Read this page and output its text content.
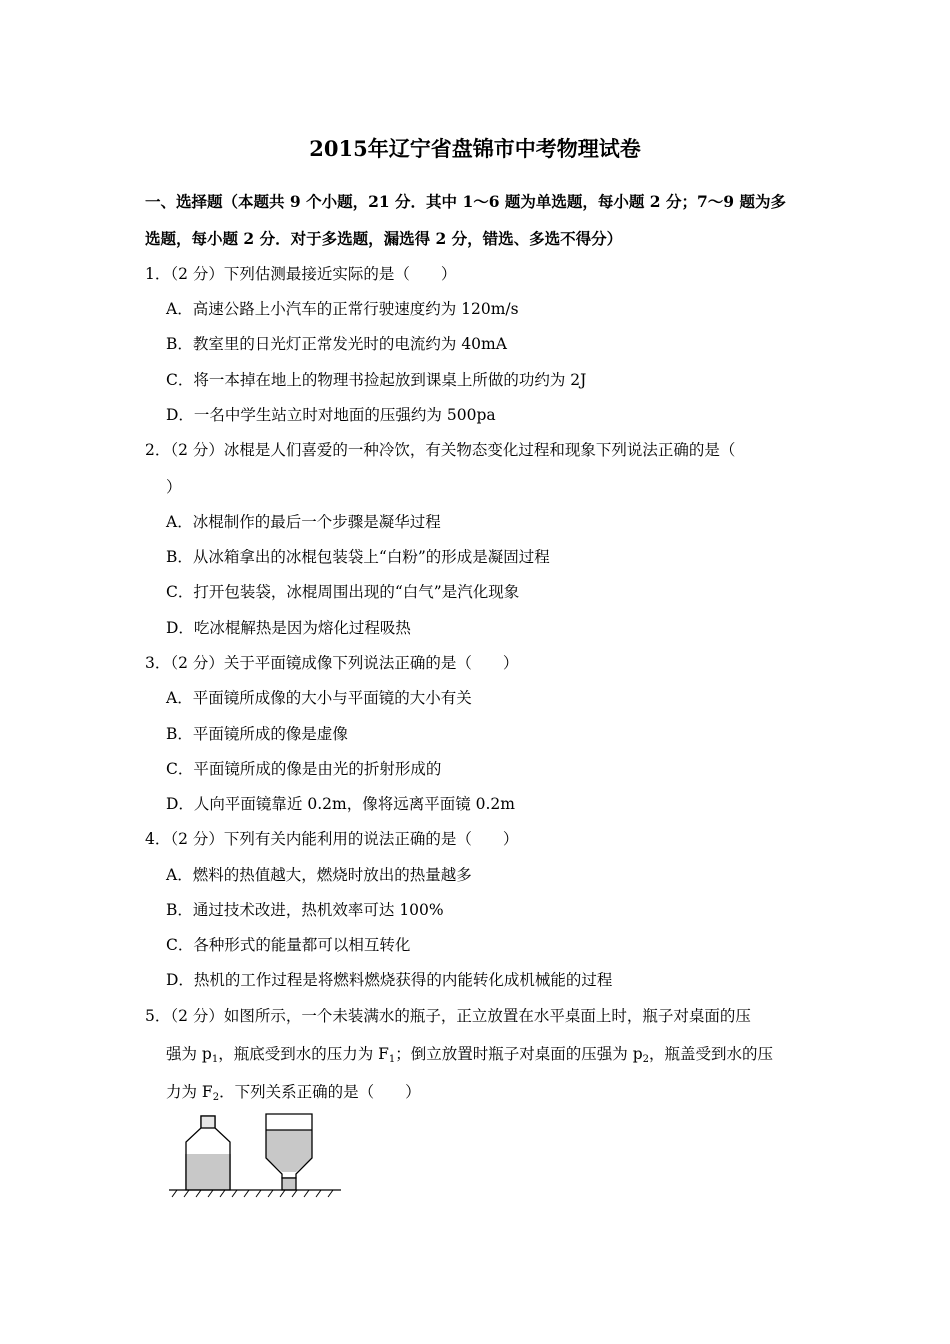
2015年辽宁省盘锦市中考物理试卷
一、选择题（本题共 9 个小题，21 分．其中 1～6 题为单选题，每小题 2 分；7～9 题为多
选题，每小题 2 分．对于多选题，漏选得 2 分，错选、多选不得分）
1．（2 分）下列估测最接近实际的是（　　）
A．高速公路上小汽车的正常行驶速度约为 120m/s
B．教室里的日光灯正常发光时的电流约为 40mA
C．将一本掉在地上的物理书捡起放到课桌上所做的功约为 2J
D．一名中学生站立时对地面的压强约为 500pa
2．（2 分）冰棍是人们喜爱的一种冷饮，有关物态变化过程和现象下列说法正确的是（
）
A．冰棍制作的最后一个步骤是凝华过程
B．从冰箱拿出的冰棍包装袋上“白粉”的形成是凝固过程
C．打开包装袋，冰棍周围出现的“白气”是汽化现象
D．吃冰棍解热是因为熔化过程吸热
3．（2 分）关于平面镜成像下列说法正确的是（　　）
A．平面镜所成像的大小与平面镜的大小有关
B．平面镜所成的像是虚像
C．平面镜所成的像是由光的折射形成的
D．人向平面镜靠近 0.2m，像将远离平面镜 0.2m
4．（2 分）下列有关内能利用的说法正确的是（　　）
A．燃料的热值越大，燃烧时放出的热量越多
B．通过技术改进，热机效率可达 100%
C．各种形式的能量都可以相互转化
D．热机的工作过程是将燃料燃烧获得的内能转化成机械能的过程
5．（2 分）如图所示，一个未装满水的瓶子，正立放置在水平桌面上时，瓶子对桌面的压
强为 $p_1$，瓶底受到水的压力为 $F_1$；倒立放置时瓶子对桌面的压强为 $p_2$，瓶盖受到水的压
力为 $F_2$．下列关系正确的是（　　）
